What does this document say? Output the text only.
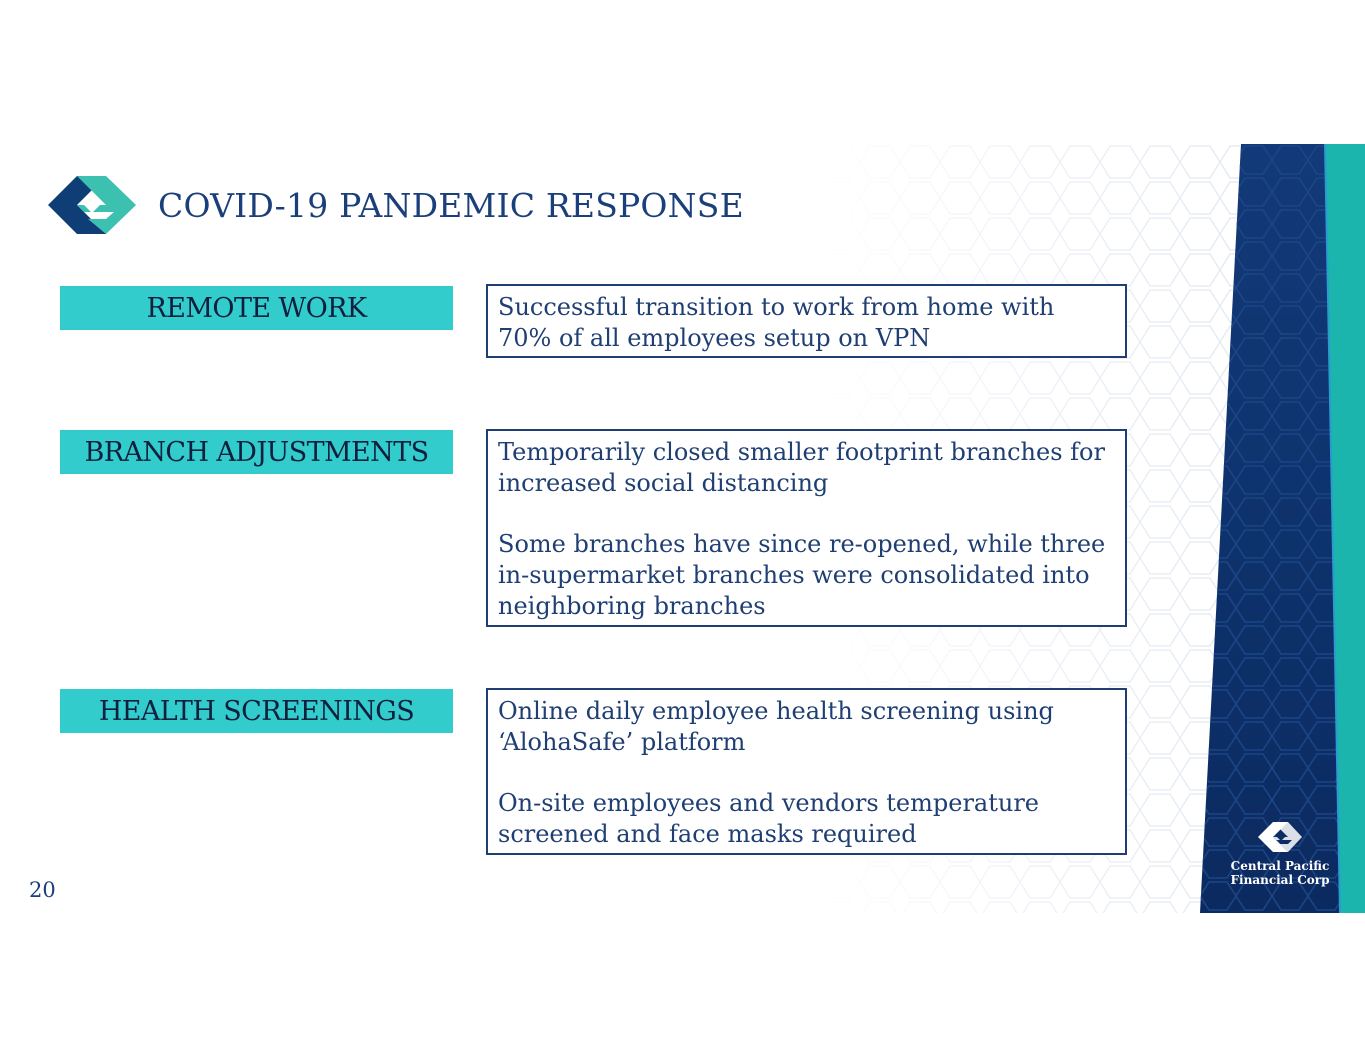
COVID-19 PANDEMIC RESPONSE
REMOTE WORK	Successful transition to work from home with 70% of all employees setup on VPN

BRANCH ADJUSTMENTS	Temporarily closed smaller footprint branches for increased social distancing

Some branches have since re-opened, while three in-supermarket branches were consolidated into neighboring branches

HEALTH SCREENINGS	Online daily employee health screening using ‘AlohaSafe’ platform

On-site employees and vendors temperature screened and face masks required

20
Central Pacific
Financial Corp
